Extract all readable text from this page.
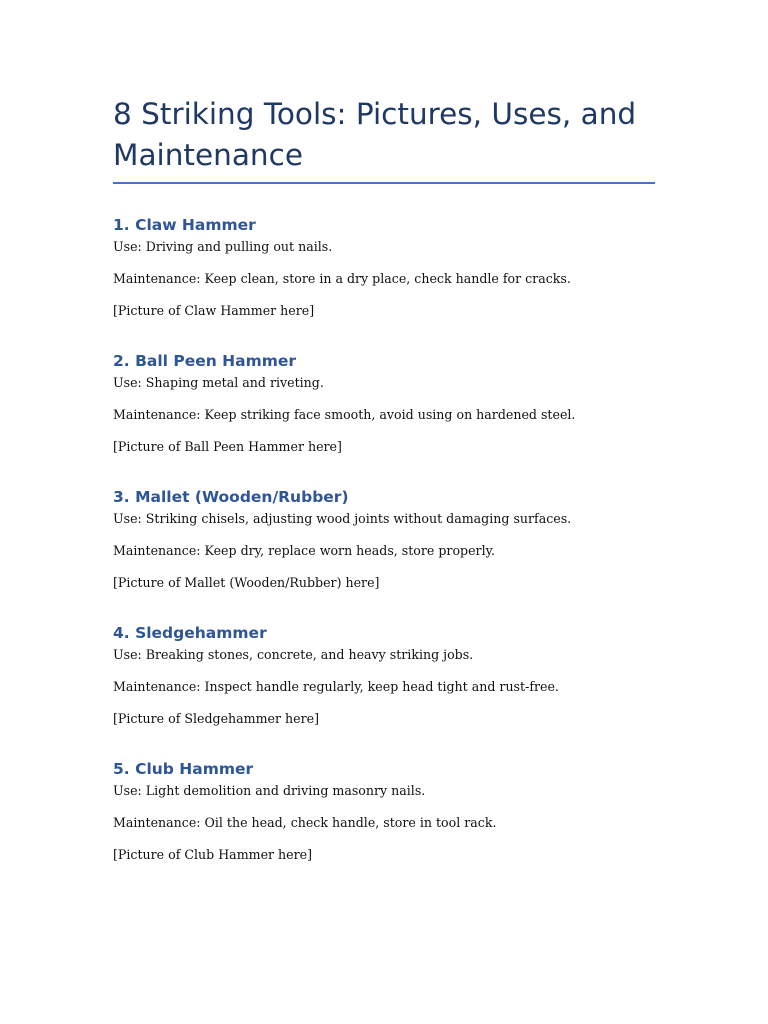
8 Striking Tools: Pictures, Uses, and Maintenance
1. Claw Hammer

Use: Driving and pulling out nails.

Maintenance: Keep clean, store in a dry place, check handle for cracks.

[Picture of Claw Hammer here]

2. Ball Peen Hammer

Use: Shaping metal and riveting.

Maintenance: Keep striking face smooth, avoid using on hardened steel.

[Picture of Ball Peen Hammer here]

3. Mallet (Wooden/Rubber)

Use: Striking chisels, adjusting wood joints without damaging surfaces.

Maintenance: Keep dry, replace worn heads, store properly.

[Picture of Mallet (Wooden/Rubber) here]

4. Sledgehammer

Use: Breaking stones, concrete, and heavy striking jobs.

Maintenance: Inspect handle regularly, keep head tight and rust-free.

[Picture of Sledgehammer here]

5. Club Hammer

Use: Light demolition and driving masonry nails.

Maintenance: Oil the head, check handle, store in tool rack.

[Picture of Club Hammer here]
